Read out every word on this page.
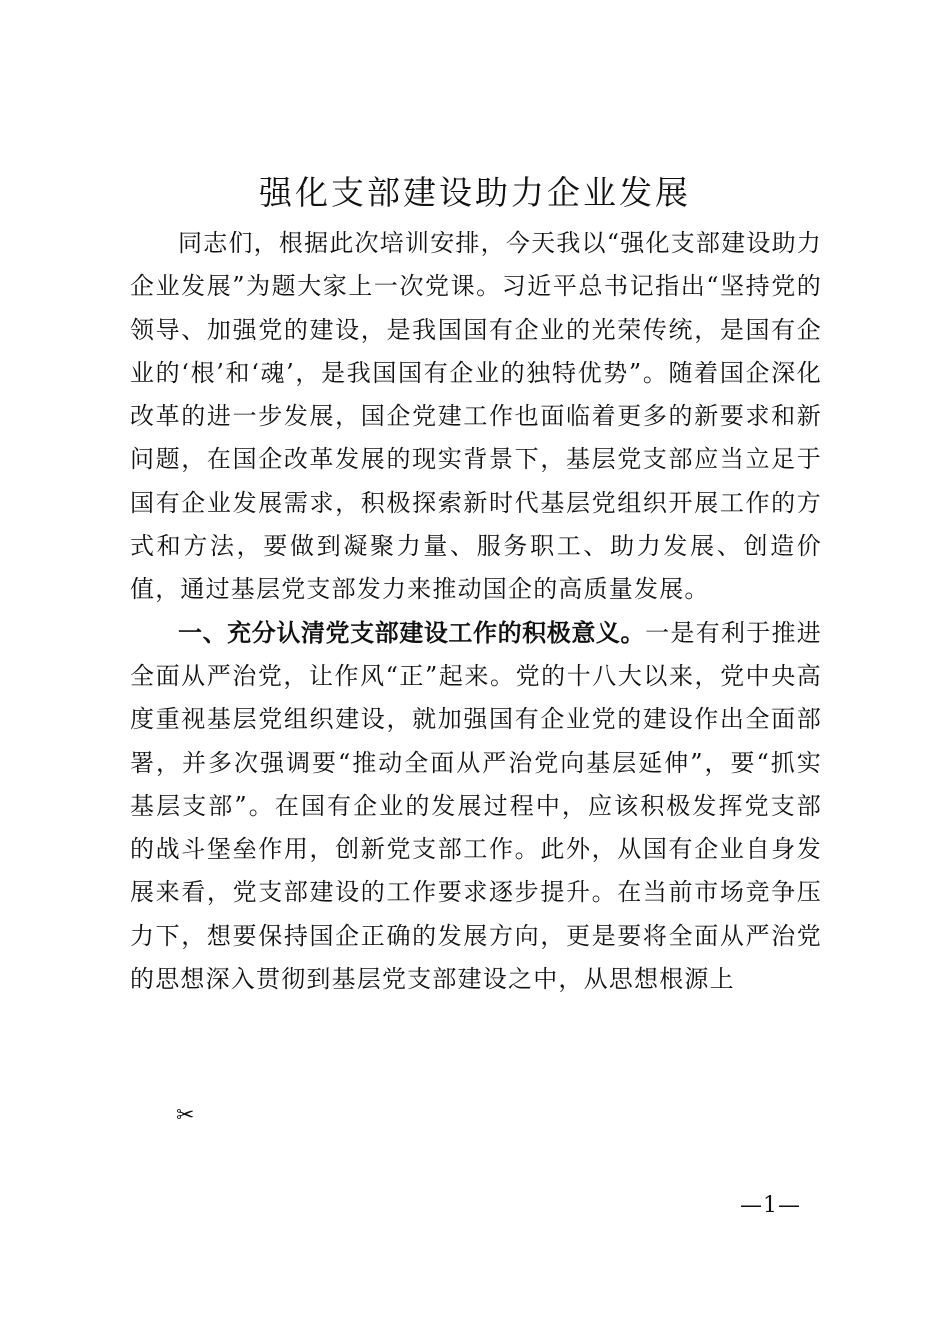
强化支部建设助力企业发展

同志们，根据此次培训安排，今天我以“强化支部建设助力企业发展”为题大家上一次党课。习近平总书记指出“坚持党的领导、加强党的建设，是我国国有企业的光荣传统，是国有企业的‘根’和‘魂’，是我国国有企业的独特优势”。随着国企深化改革的进一步发展，国企党建工作也面临着更多的新要求和新问题，在国企改革发展的现实背景下，基层党支部应当立足于国有企业发展需求，积极探索新时代基层党组织开展工作的方式和方法，要做到凝聚力量、服务职工、助力发展、创造价值，通过基层党支部发力来推动国企的高质量发展。

一、充分认清党支部建设工作的积极意义。一是有利于推进全面从严治党，让作风“正”起来。党的十八大以来，党中央高度重视基层党组织建设，就加强国有企业党的建设作出全面部署，并多次强调要“推动全面从严治党向基层延伸”，要“抓实基层支部”。在国有企业的发展过程中，应该积极发挥党支部的战斗堡垒作用，创新党支部工作。此外，从国有企业自身发展来看，党支部建设的工作要求逐步提升。在当前市场竞争压力下，想要保持国企正确的发展方向，更是要将全面从严治党的思想深入贯彻到基层党支部建设之中，从思想根源上

✂
—1—
